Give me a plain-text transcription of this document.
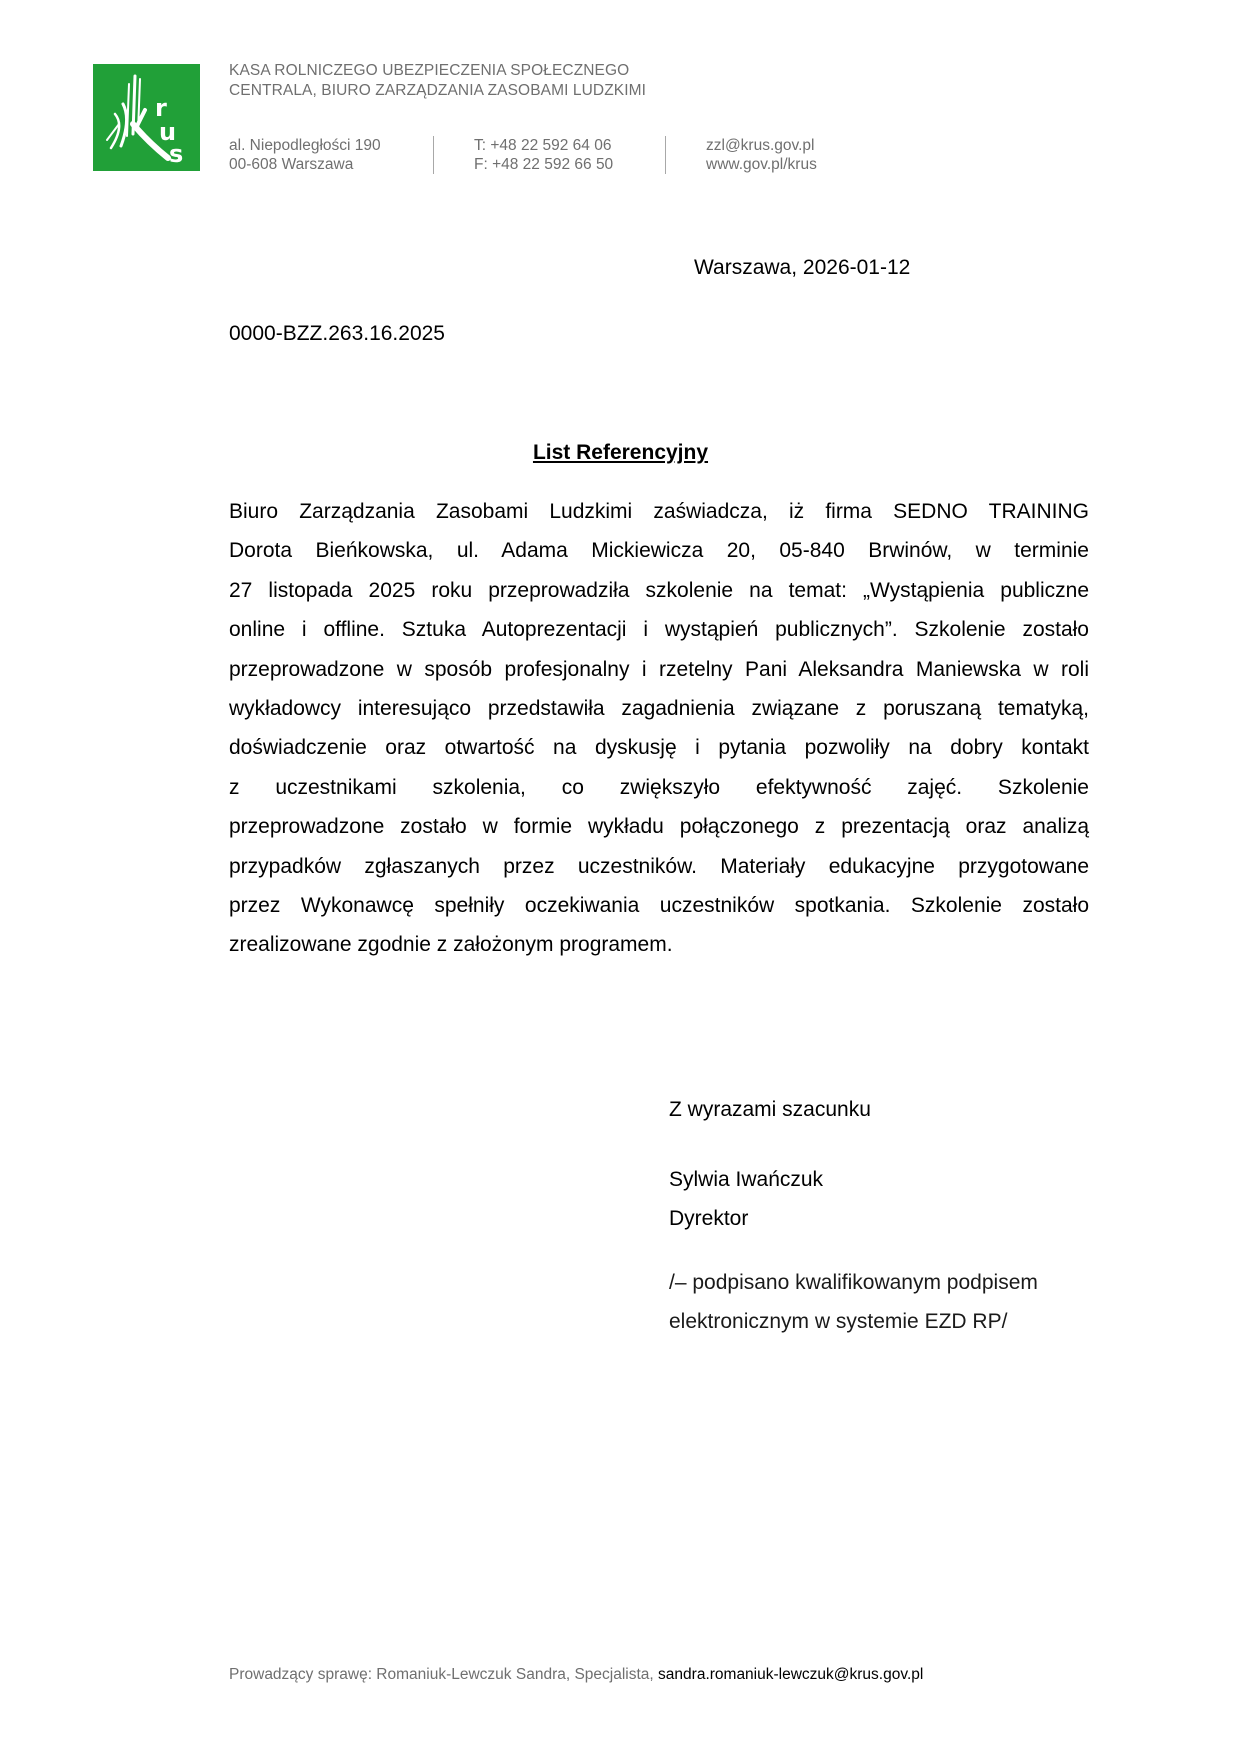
r
u
s
KASA ROLNICZEGO UBEZPIECZENIA SPOŁECZNEGO
CENTRALA, BIURO ZARZĄDZANIA ZASOBAMI LUDZKIMI
al. Niepodległości 190
00-608 Warszawa
T: +48 22 592 64 06
F: +48 22 592 66 50
zzl@krus.gov.pl
www.gov.pl/krus
Warszawa, 2026-01-12
0000-BZZ.263.16.2025
List Referencyjny
Biuro Zarządzania Zasobami Ludzkimi zaświadcza, iż firma SEDNO TRAINING
Dorota Bieńkowska, ul. Adama Mickiewicza 20, 05-840 Brwinów, w terminie
27 listopada 2025 roku przeprowadziła szkolenie na temat: „Wystąpienia publiczne
online i offline. Sztuka Autoprezentacji i wystąpień publicznych”. Szkolenie zostało
przeprowadzone w sposób profesjonalny i rzetelny Pani Aleksandra Maniewska w roli
wykładowcy interesująco przedstawiła zagadnienia związane z poruszaną tematyką,
doświadczenie oraz otwartość na dyskusję i pytania pozwoliły na dobry kontakt
z uczestnikami szkolenia, co zwiększyło efektywność zajęć. Szkolenie
przeprowadzone zostało w formie wykładu połączonego z prezentacją oraz analizą
przypadków zgłaszanych przez uczestników. Materiały edukacyjne przygotowane
przez Wykonawcę spełniły oczekiwania uczestników spotkania. Szkolenie zostało
zrealizowane zgodnie z założonym programem.
Z wyrazami szacunku
Sylwia Iwańczuk
Dyrektor
/– podpisano kwalifikowanym podpisem
elektronicznym w systemie EZD RP/
Prowadzący sprawę: Romaniuk-Lewczuk Sandra, Specjalista, sandra.romaniuk-lewczuk@krus.gov.pl
